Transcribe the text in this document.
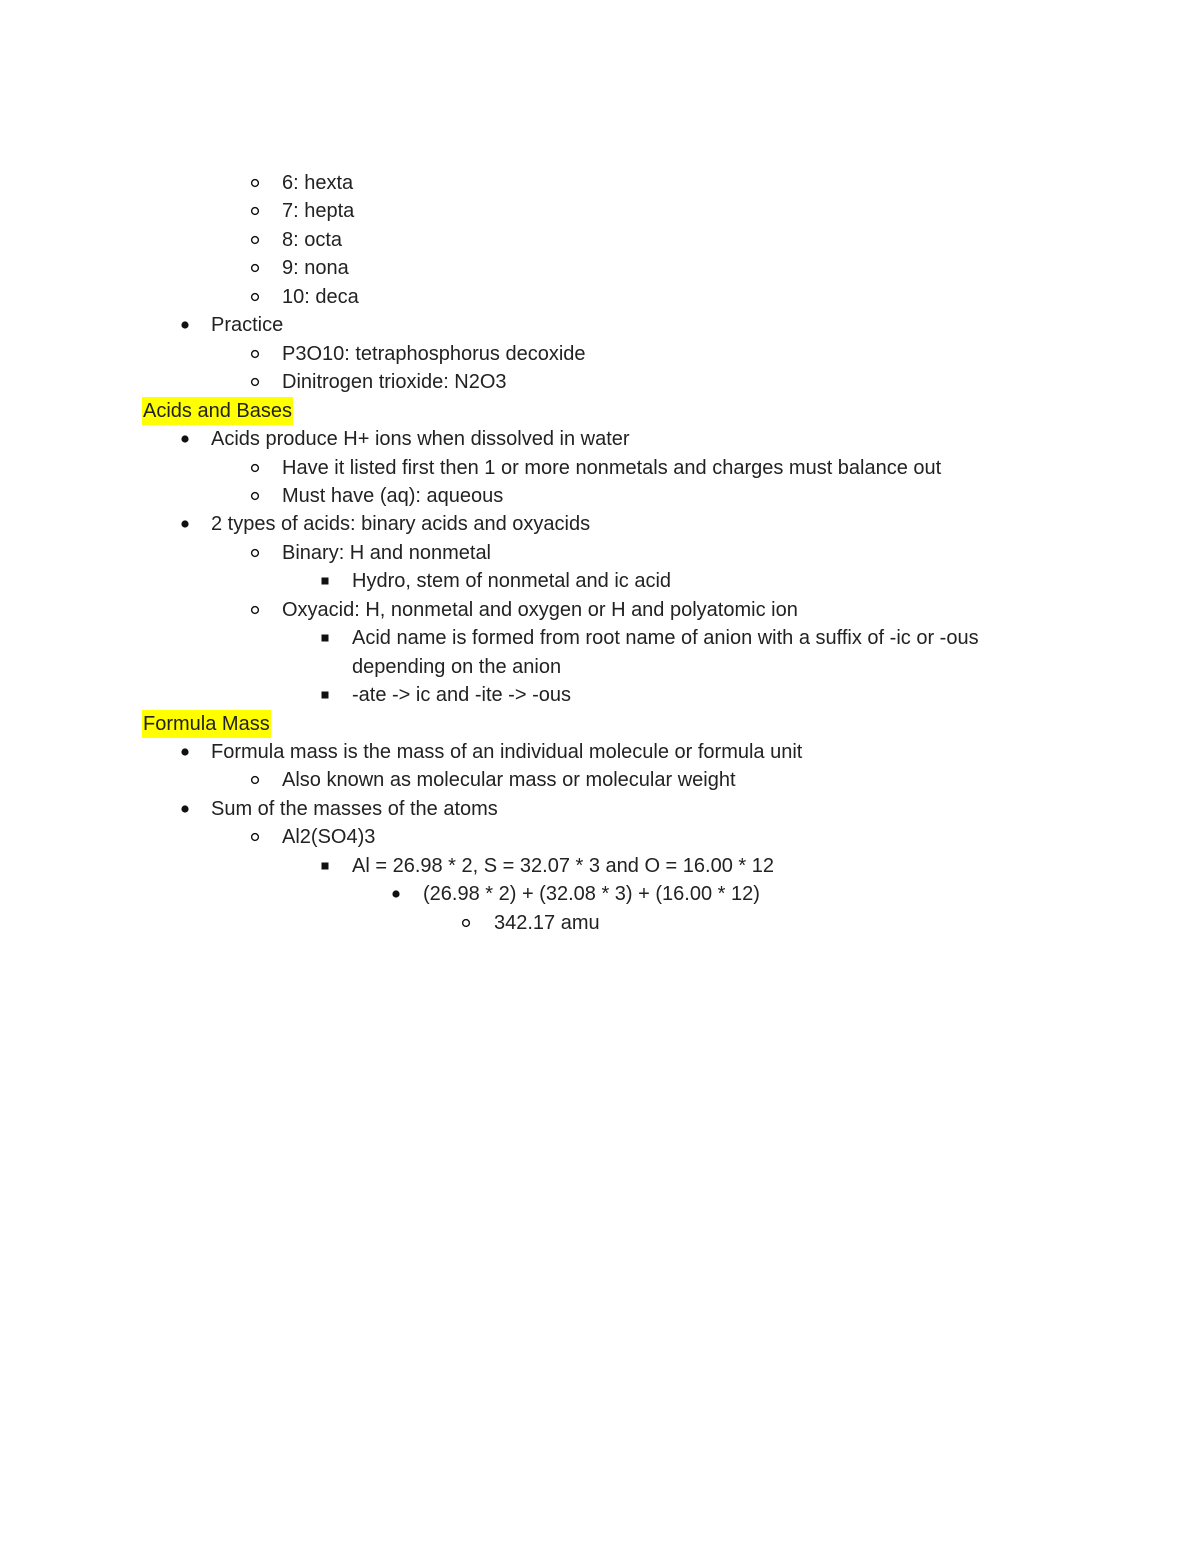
6: hexta
7: hepta
8: octa
9: nona
10: deca
Practice
P3O10: tetraphosphorus decoxide
Dinitrogen trioxide: N2O3
Acids and Bases
Acids produce H+ ions when dissolved in water
Have it listed first then 1 or more nonmetals and charges must balance out
Must have (aq): aqueous
2 types of acids: binary acids and oxyacids
Binary: H and nonmetal
Hydro, stem of nonmetal and ic acid
Oxyacid: H, nonmetal and oxygen or H and polyatomic ion
Acid name is formed from root name of anion with a suffix of -ic or -ous
depending on the anion
-ate -> ic and -ite -> -ous
Formula Mass
Formula mass is the mass of an individual molecule or formula unit
Also known as molecular mass or molecular weight
Sum of the masses of the atoms
Al2(SO4)3
Al = 26.98 * 2, S = 32.07 * 3 and O = 16.00 * 12
(26.98 * 2) + (32.08 * 3) + (16.00 * 12)
342.17 amu
